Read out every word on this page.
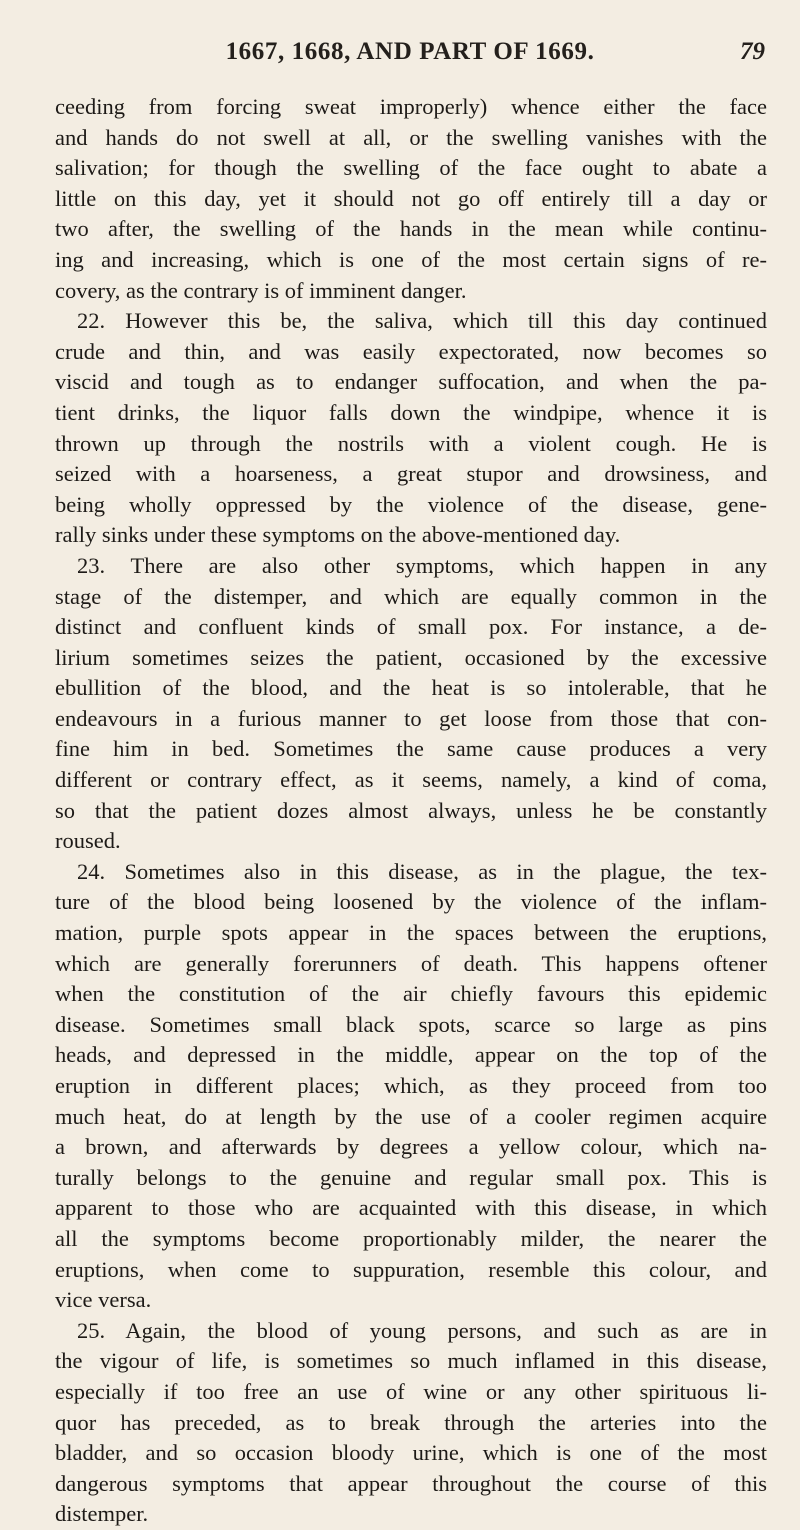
1667, 1668, AND PART OF 1669.	79
ceeding from forcing sweat improperly) whence either the face
and hands do not swell at all, or the swelling vanishes with the
salivation; for though the swelling of the face ought to abate a
little on this day, yet it should not go off entirely till a day or
two after, the swelling of the hands in the mean while continu-
ing and increasing, which is one of the most certain signs of re-
covery, as the contrary is of imminent danger.
22. However this be, the saliva, which till this day continued
crude and thin, and was easily expectorated, now becomes so
viscid and tough as to endanger suffocation, and when the pa-
tient drinks, the liquor falls down the windpipe, whence it is
thrown up through the nostrils with a violent cough. He is
seized with a hoarseness, a great stupor and drowsiness, and
being wholly oppressed by the violence of the disease, gene-
rally sinks under these symptoms on the above-mentioned day.
23. There are also other symptoms, which happen in any
stage of the distemper, and which are equally common in the
distinct and confluent kinds of small pox. For instance, a de-
lirium sometimes seizes the patient, occasioned by the excessive
ebullition of the blood, and the heat is so intolerable, that he
endeavours in a furious manner to get loose from those that con-
fine him in bed. Sometimes the same cause produces a very
different or contrary effect, as it seems, namely, a kind of coma,
so that the patient dozes almost always, unless he be constantly
roused.
24. Sometimes also in this disease, as in the plague, the tex-
ture of the blood being loosened by the violence of the inflam-
mation, purple spots appear in the spaces between the eruptions,
which are generally forerunners of death. This happens oftener
when the constitution of the air chiefly favours this epidemic
disease. Sometimes small black spots, scarce so large as pins
heads, and depressed in the middle, appear on the top of the
eruption in different places; which, as they proceed from too
much heat, do at length by the use of a cooler regimen acquire
a brown, and afterwards by degrees a yellow colour, which na-
turally belongs to the genuine and regular small pox. This is
apparent to those who are acquainted with this disease, in which
all the symptoms become proportionably milder, the nearer the
eruptions, when come to suppuration, resemble this colour, and
vice versa.
25. Again, the blood of young persons, and such as are in
the vigour of life, is sometimes so much inflamed in this disease,
especially if too free an use of wine or any other spirituous li-
quor has preceded, as to break through the arteries into the
bladder, and so occasion bloody urine, which is one of the most
dangerous symptoms that appear throughout the course of this
distemper.
